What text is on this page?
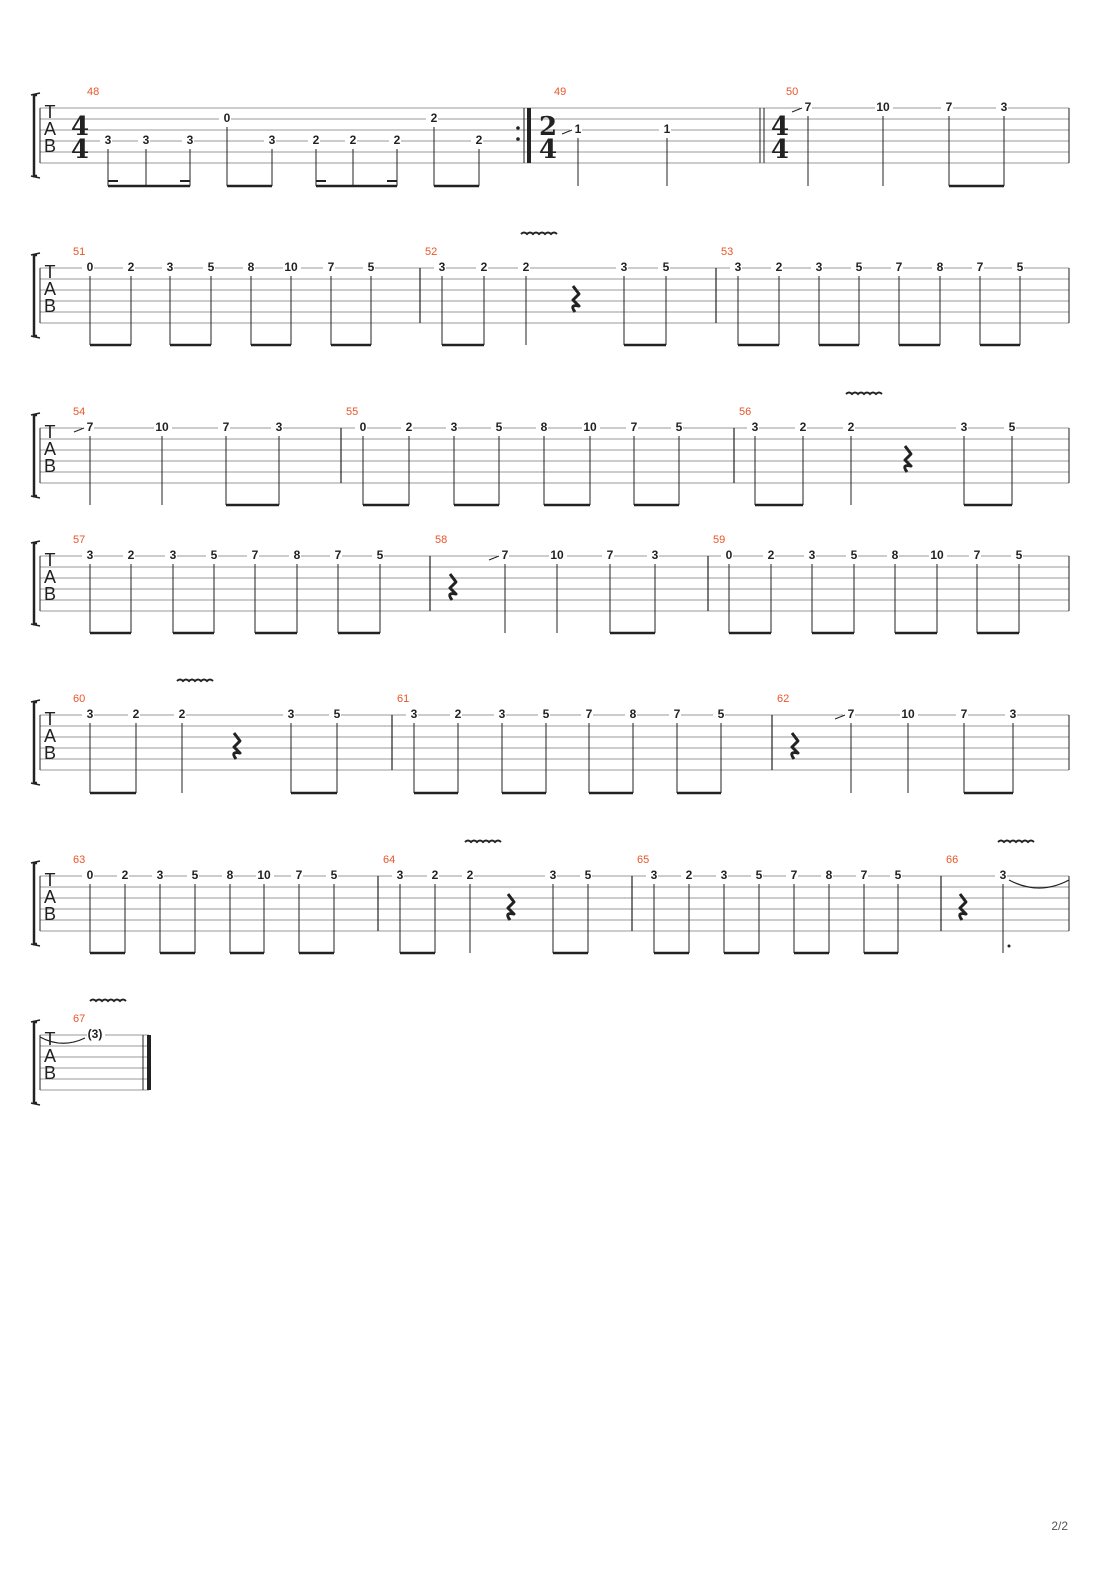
T
A
B
48
4
4 3	3	3
0
3	2	2	2
2
2
49
2
4
1	1
50
4
4
7	10	7	3
T
A
B
51
0	2	3	5	8 10 7	5
52
3	2	2	3	5
53
3	2	3	5	7	8	7	5
T
A
B
54
7	10	7	3
55
0	2	3	5	8	10	7	5
56
3	2	2	3	5
T
A
B
57
3	2	3	5	7	8	7	5
58
7	10	7	3
59
0	2	3	5	8	10 7	5
T
A
B
60
3	2	2	3	5
61
3	2	3	5	7	8	7	5
62
7	10	7	3
T
A
B
63
0 2 3 5 8 10 7 5
64
3 2 2	3 5
65
3 2 3 5 7 8 7 5
66
3
T
A
B
67
(3)
2/2
